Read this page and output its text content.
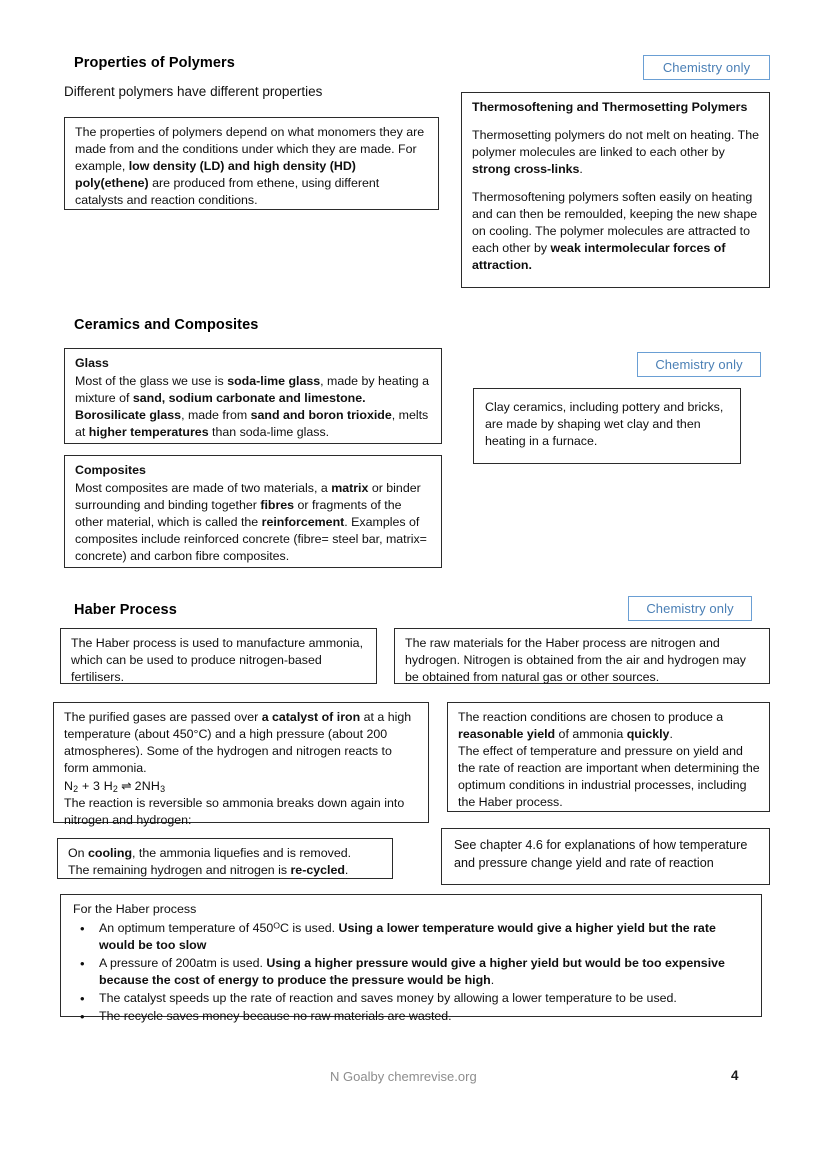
Properties of Polymers
Different polymers have different properties
Chemistry only

The properties of polymers depend on what monomers they are made from and the conditions under which they are made. For example, low density (LD) and high density (HD) poly(ethene) are produced from ethene, using different catalysts and reaction conditions.

Thermosoftening and Thermosetting Polymers

Thermosetting polymers do not melt on heating. The polymer molecules are linked to each other by strong cross-links.

Thermosoftening polymers soften easily on heating and can then be remoulded, keeping the new shape on cooling. The polymer molecules are attracted to each other by weak intermolecular forces of attraction.

Ceramics and Composites

Glass

Most of the glass we use is soda-lime glass, made by heating a mixture of sand, sodium carbonate and limestone. Borosilicate glass, made from sand and boron trioxide, melts at higher temperatures than soda-lime glass.

Composites

Most composites are made of two materials, a matrix or binder surrounding and binding together fibres or fragments of the other material, which is called the reinforcement. Examples of composites include reinforced concrete (fibre= steel bar, matrix= concrete) and carbon fibre composites.

Chemistry only

Clay ceramics, including pottery and bricks, are made by shaping wet clay and then heating in a furnace.

Haber Process	Chemistry only

The Haber process is used to manufacture ammonia, which can be used to produce nitrogen-based fertilisers.

The raw materials for the Haber process are nitrogen and hydrogen. Nitrogen is obtained from the air and hydrogen may be obtained from natural gas or other sources.

The purified gases are passed over a catalyst of iron at a high temperature (about 450°C) and a high pressure (about 200 atmospheres). Some of the hydrogen and nitrogen reacts to form ammonia.

$N_2 + 3$ $H_2$ ⇌ $2NH_3$

The reaction is reversible so ammonia breaks down again into nitrogen and hydrogen:

The reaction conditions are chosen to produce a reasonable yield of ammonia quickly.

The effect of temperature and pressure on yield and the rate of reaction are important when determining the optimum conditions in industrial processes, including the Haber process.

On cooling, the ammonia liquefies and is removed.

The remaining hydrogen and nitrogen is re-cycled.

See chapter 4.6 for explanations of how temperature and pressure change yield and rate of reaction

For the Haber process

• An optimum temperature of $450^OC$ is used. Using a lower temperature would give a higher yield but the rate would be too slow
• A pressure of 200atm is used. Using a higher pressure would give a higher yield but would be too expensive because the cost of energy to produce the pressure would be high.
• The catalyst speeds up the rate of reaction and saves money by allowing a lower temperature to be used.
• The recycle saves money because no raw materials are wasted.
N Goalby chemrevise.org	4
